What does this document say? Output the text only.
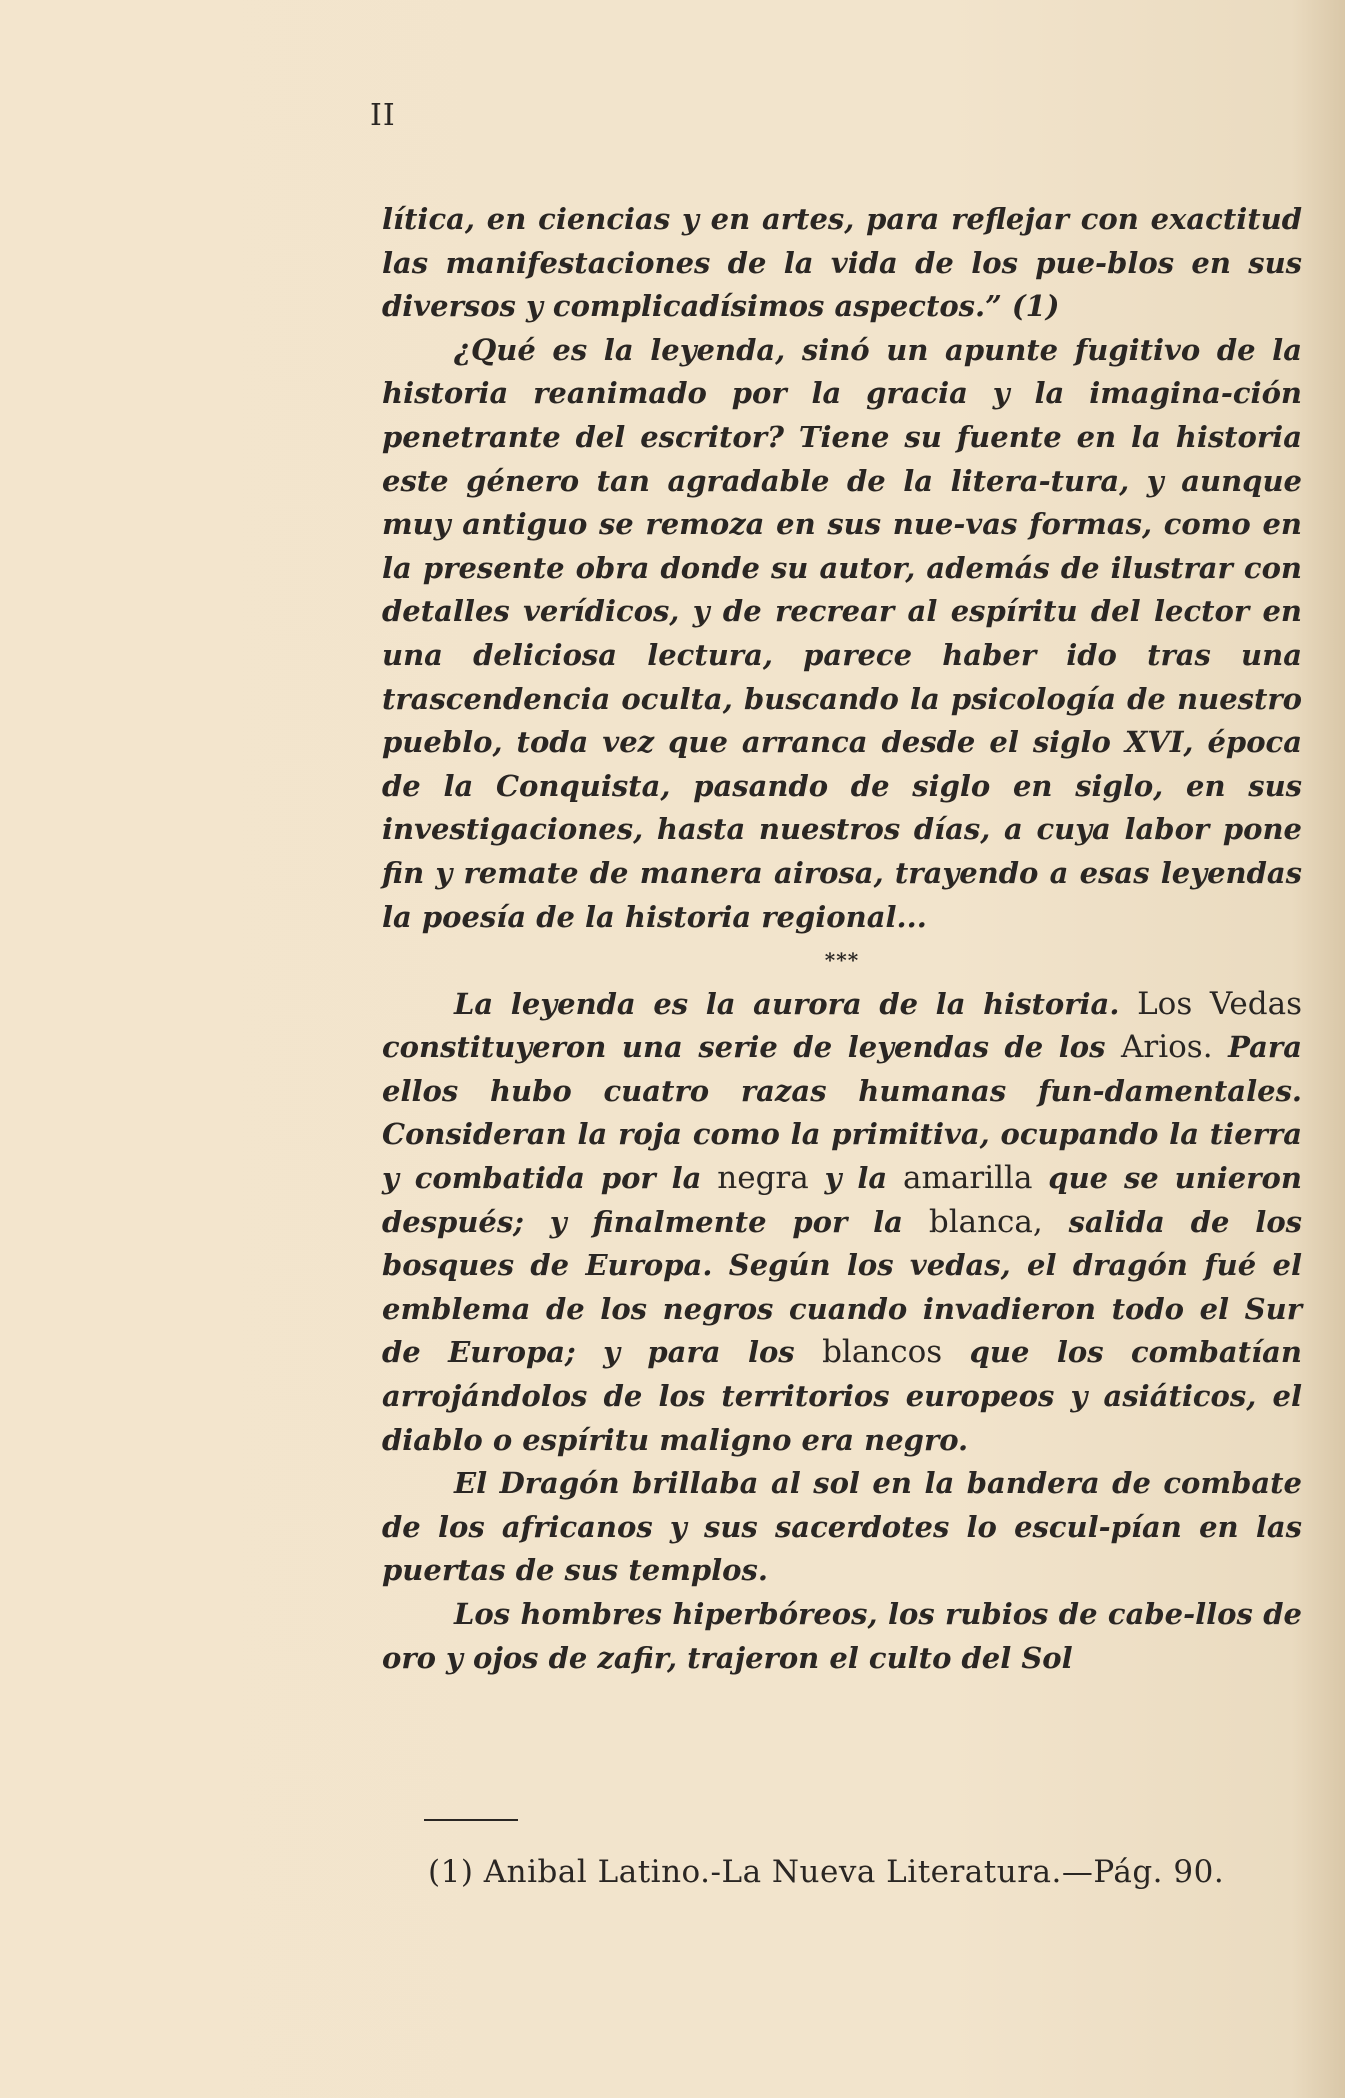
II

lítica, en ciencias y en artes, para reflejar con exactitud las manifestaciones de la vida de los pue-blos en sus diversos y complicadísimos aspectos.” (1)

¿Qué es la leyenda, sinó un apunte fugitivo de la historia reanimado por la gracia y la imagina-ción penetrante del escritor? Tiene su fuente en la historia este género tan agradable de la litera-tura, y aunque muy antiguo se remoza en sus nue-vas formas, como en la presente obra donde su autor, además de ilustrar con detalles verídicos, y de recrear al espíritu del lector en una deliciosa lectura, parece haber ido tras una trascendencia oculta, buscando la psicología de nuestro pueblo, toda vez que arranca desde el siglo XVI, época de la Conquista, pasando de siglo en siglo, en sus investigaciones, hasta nuestros días, a cuya labor pone fin y remate de manera airosa, trayendo a esas leyendas la poesía de la historia regional...

***

La leyenda es la aurora de la historia. Los Vedas constituyeron una serie de leyendas de los Arios. Para ellos hubo cuatro razas humanas fun-damentales. Consideran la roja como la primitiva, ocupando la tierra y combatida por la negra y la amarilla que se unieron después; y finalmente por la blanca, salida de los bosques de Europa. Según los vedas, el dragón fué el emblema de los negros cuando invadieron todo el Sur de Europa; y para los blancos que los combatían arrojándolos de los territorios europeos y asiáticos, el diablo o espíritu maligno era negro.

El Dragón brillaba al sol en la bandera de combate de los africanos y sus sacerdotes lo escul-pían en las puertas de sus templos.

Los hombres hiperbóreos, los rubios de cabe-llos de oro y ojos de zafir, trajeron el culto del Sol

(1) Anibal Latino.-La Nueva Literatura.—Pág. 90.
